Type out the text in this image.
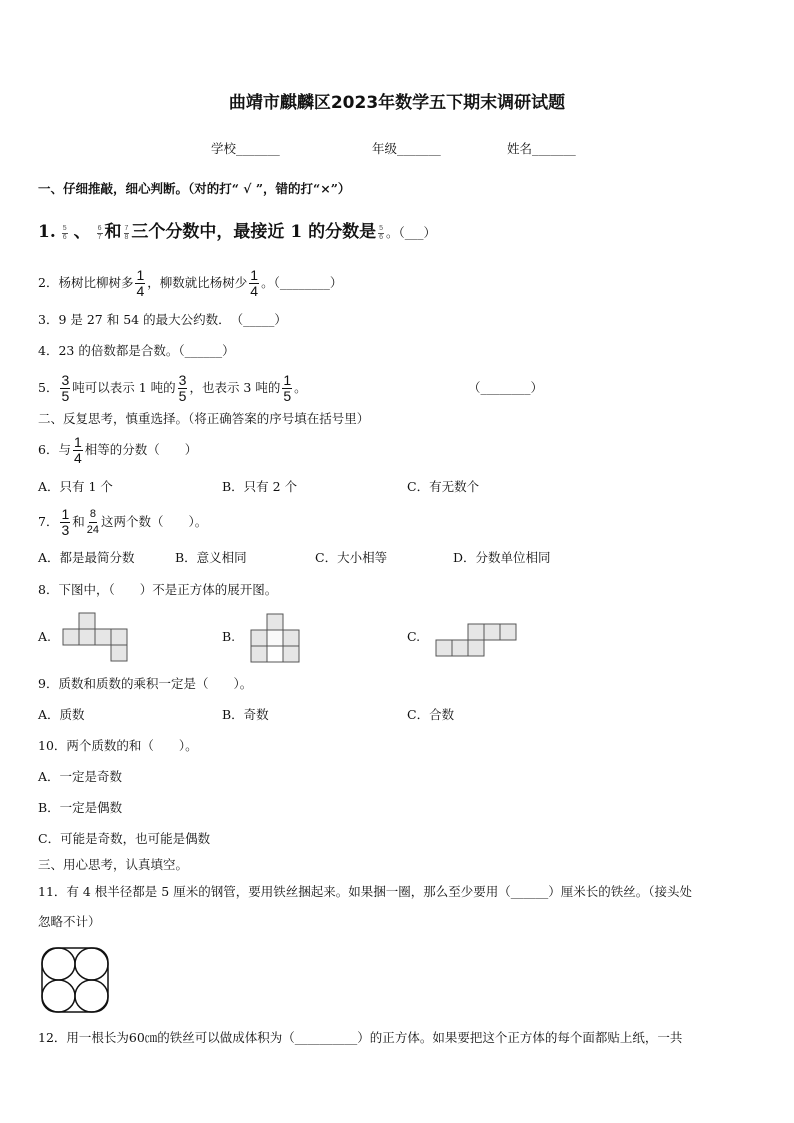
曲靖市麒麟区2023年数学五下期末调研试题
学校_______	年级_______	姓名_______
一、仔细推敲，细心判断。（对的打“ √ ”，错的打“×”）
1. $\frac{5}{6}$ 、 $\frac{6}{7}$ 和 $\frac{7}{8}$ 三个分数中，最接近 1 的分数是 $\frac{5}{6}$ 。（___）
2．杨树比柳树多 $\frac{1}{4}$ ，柳数就比杨树少 $\frac{1}{4}$ 。（________）
3．9 是 27 和 54 的最大公约数．　（_____）
4．23 的倍数都是合数。（______）
5． $\frac{3}{5}$ 吨可以表示 1 吨的 $\frac{3}{5}$ ，也表示 3 吨的 $\frac{1}{5}$ 。	（________）
二、反复思考，慎重选择。（将正确答案的序号填在括号里）
6．与 $\frac{1}{4}$ 相等的分数（　　）
A．只有 1 个	B．只有 2 个	C．有无数个
7． $\frac{1}{3}$ 和 $\frac{8}{24}$ 这两个数（　　）。
A．都是最简分数	B．意义相同	C．大小相等	D．分数单位相同
8．下图中，（　　）不是正方体的展开图。
A.	B.	C.
9．质数和质数的乘积一定是（　　）。
A．质数	B．奇数	C．合数
10．两个质数的和（　　）。
A．一定是奇数
B．一定是偶数
C．可能是奇数，也可能是偶数
三、用心思考，认真填空。
11．有 4 根半径都是 5 厘米的钢管，要用铁丝捆起来。如果捆一圈，那么至少要用（______）厘米长的铁丝。（接头处
忽略不计）
12．用一根长为60㎝的铁丝可以做成体积为（__________）的正方体。如果要把这个正方体的每个面都贴上纸，一共
